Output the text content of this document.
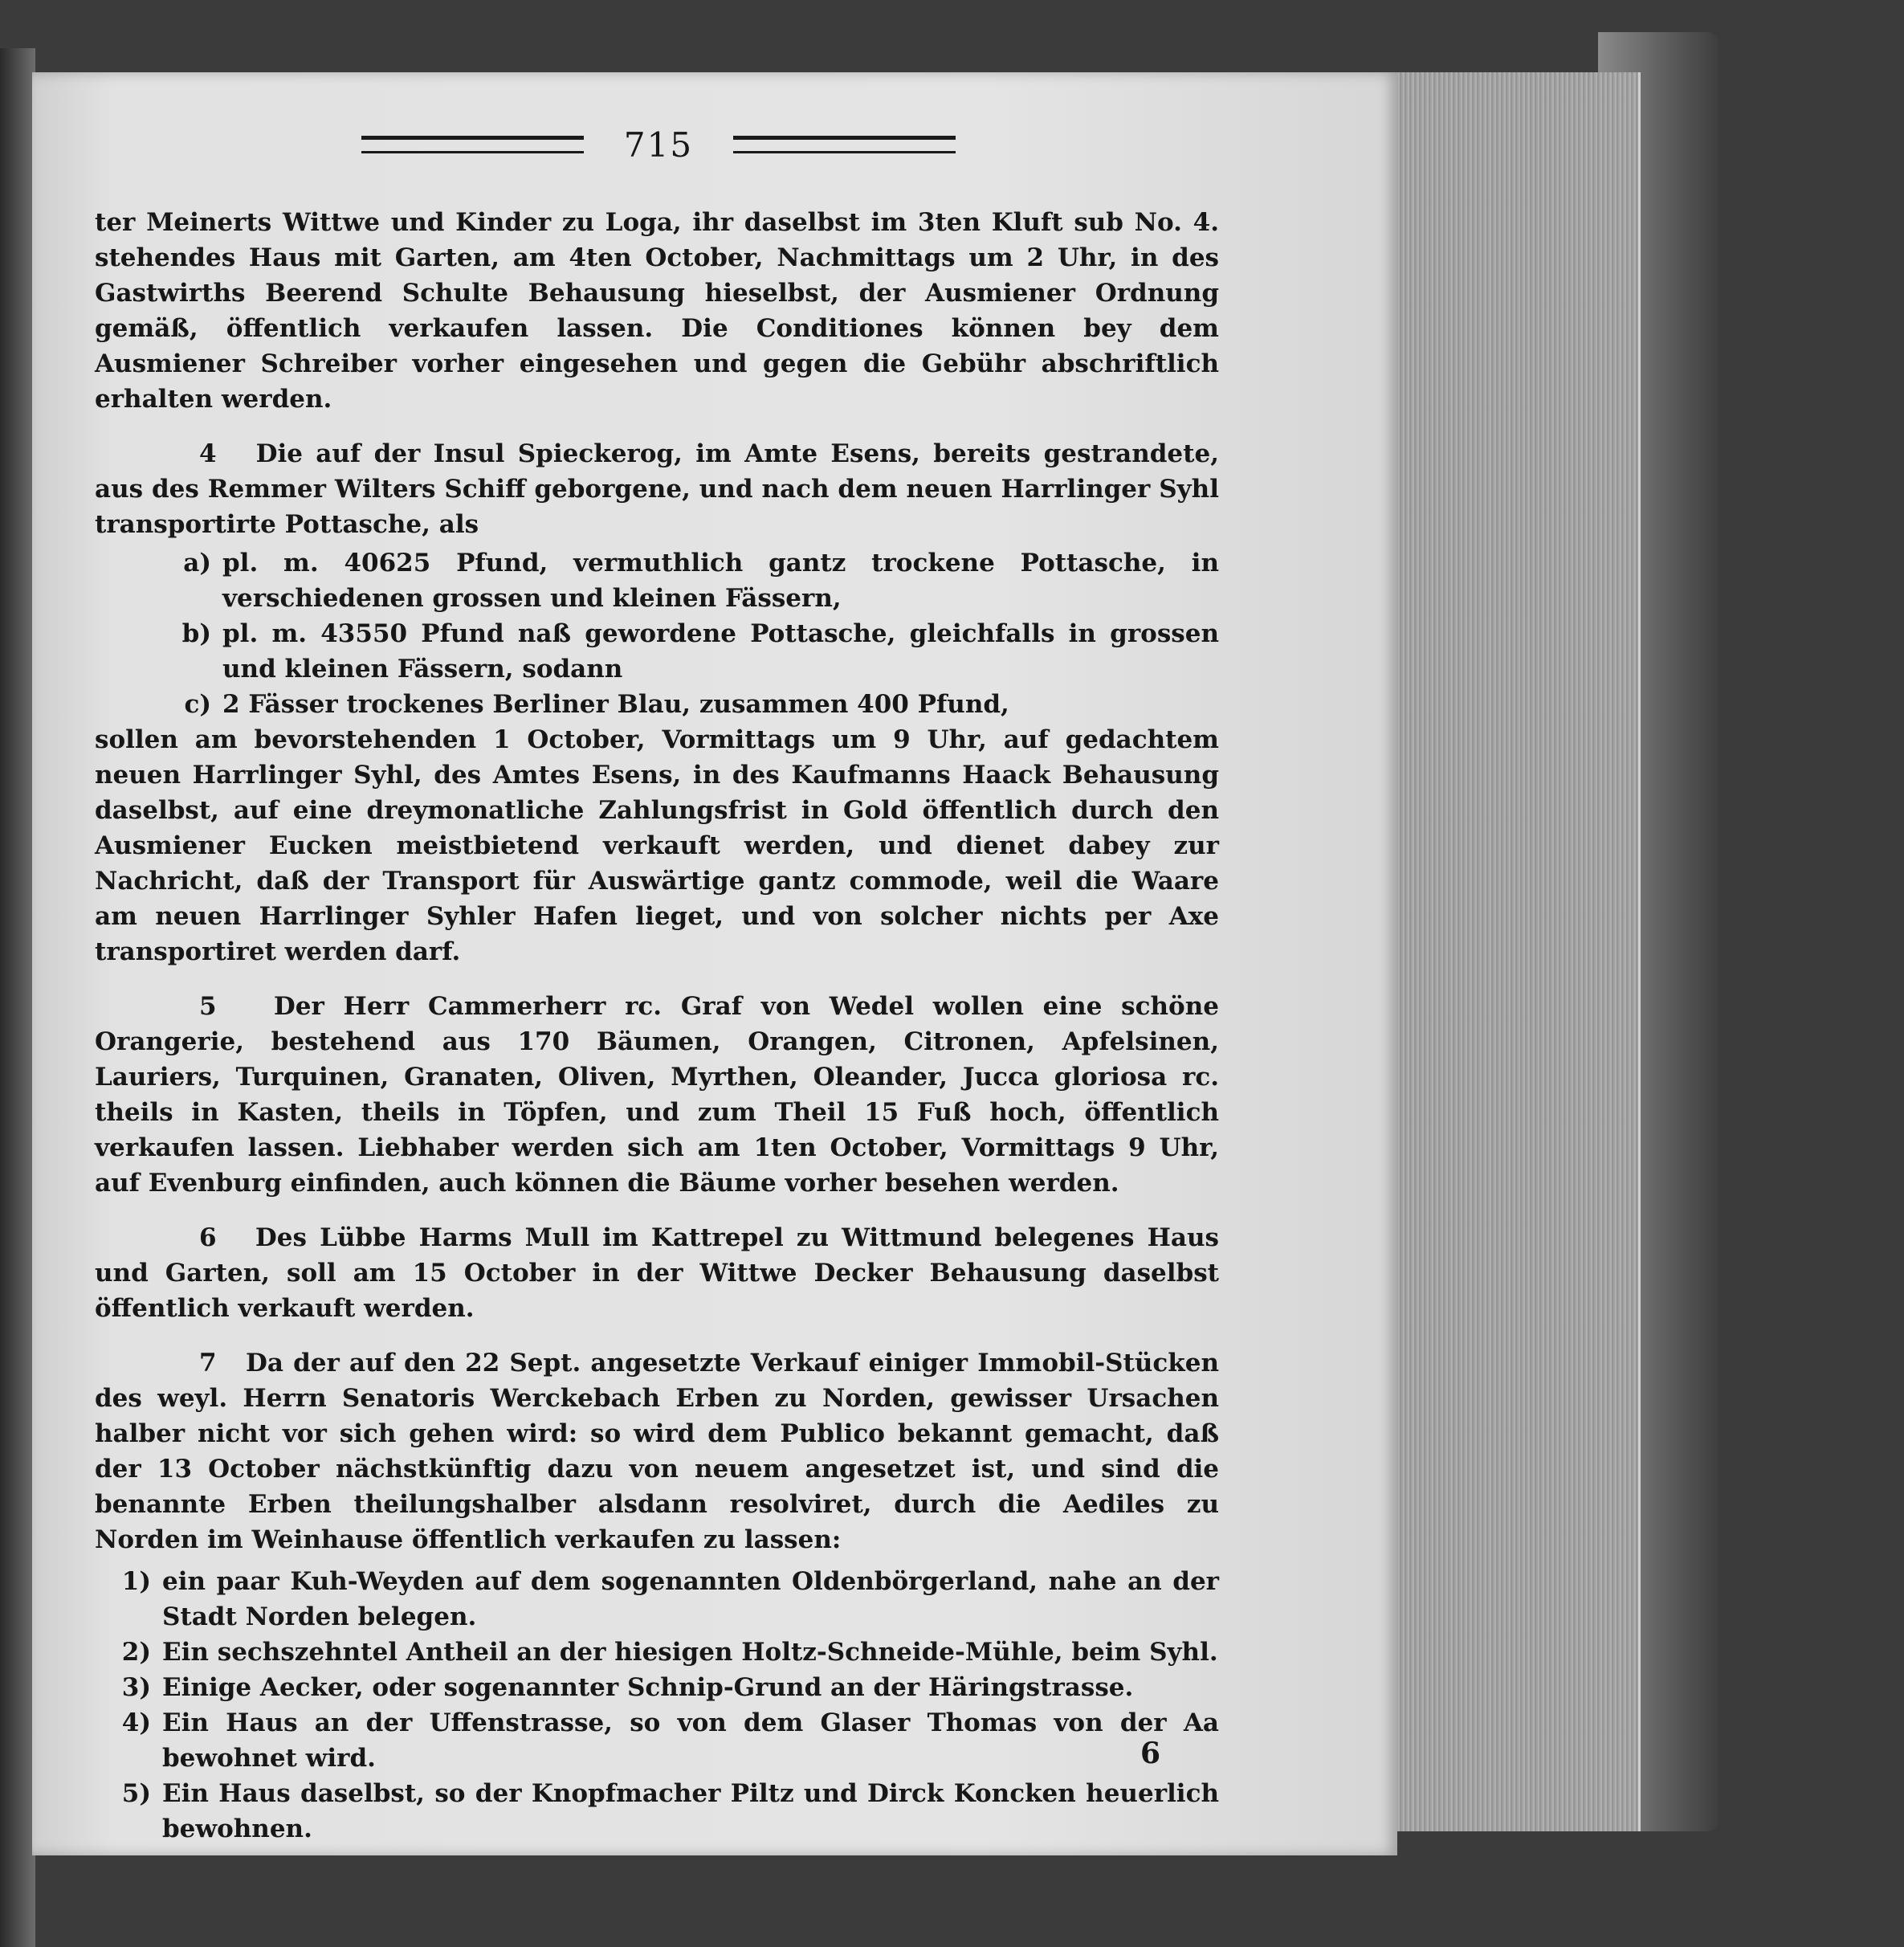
715

ter Meinerts Wittwe und Kinder zu Loga, ihr daselbst im 3ten Kluft sub No. 4. stehendes Haus mit Garten, am 4ten October, Nachmittags um 2 Uhr, in des Gastwirths Beerend Schulte Behausung hieselbst, der Ausmiener Ordnung gemäß, öffentlich verkaufen lassen. Die Conditiones können bey dem Ausmiener Schreiber vorher eingesehen und gegen die Gebühr abschriftlich erhalten werden.

4 Die auf der Insul Spieckerog, im Amte Esens, bereits gestrandete, aus des Remmer Wilters Schiff geborgene, und nach dem neuen Harrlinger Syhl transportirte Pottasche, als

a) pl. m. 40625 Pfund, vermuthlich gantz trockene Pottasche, in verschiedenen grossen und kleinen Fässern,
b) pl. m. 43550 Pfund naß gewordene Pottasche, gleichfalls in grossen und kleinen Fässern, sodann
c) 2 Fässer trockenes Berliner Blau, zusammen 400 Pfund,

sollen am bevorstehenden 1 October, Vormittags um 9 Uhr, auf gedachtem neuen Harrlinger Syhl, des Amtes Esens, in des Kaufmanns Haack Behausung daselbst, auf eine dreymonatliche Zahlungsfrist in Gold öffentlich durch den Ausmiener Eucken meistbietend verkauft werden, und dienet dabey zur Nachricht, daß der Transport für Auswärtige gantz commode, weil die Waare am neuen Harrlinger Syhler Hafen lieget, und von solcher nichts per Axe transportiret werden darf.

5 Der Herr Cammerherr rc. Graf von Wedel wollen eine schöne Orangerie, bestehend aus 170 Bäumen, Orangen, Citronen, Apfelsinen, Lauriers, Turquinen, Granaten, Oliven, Myrthen, Oleander, Jucca gloriosa rc. theils in Kasten, theils in Töpfen, und zum Theil 15 Fuß hoch, öffentlich verkaufen lassen. Liebhaber werden sich am 1ten October, Vormittags 9 Uhr, auf Evenburg einfinden, auch können die Bäume vorher besehen werden.

6 Des Lübbe Harms Mull im Kattrepel zu Wittmund belegenes Haus und Garten, soll am 15 October in der Wittwe Decker Behausung daselbst öffentlich verkauft werden.

7 Da der auf den 22 Sept. angesetzte Verkauf einiger Immobil-Stücken des weyl. Herrn Senatoris Werckebach Erben zu Norden, gewisser Ursachen halber nicht vor sich gehen wird: so wird dem Publico bekannt gemacht, daß der 13 October nächstkünftig dazu von neuem angesetzet ist, und sind die benannte Erben theilungshalber alsdann resolviret, durch die Aediles zu Norden im Weinhause öffentlich verkaufen zu lassen:

1) ein paar Kuh-Weyden auf dem sogenannten Oldenbörgerland, nahe an der Stadt Norden belegen.
2) Ein sechszehntel Antheil an der hiesigen Holtz-Schneide-Mühle, beim Syhl.
3) Einige Aecker, oder sogenannter Schnip-Grund an der Häringstrasse.
4) Ein Haus an der Uffenstrasse, so von dem Glaser Thomas von der Aa bewohnet wird.
5) Ein Haus daselbst, so der Knopfmacher Piltz und Dirck Koncken heuerlich bewohnen.
6
